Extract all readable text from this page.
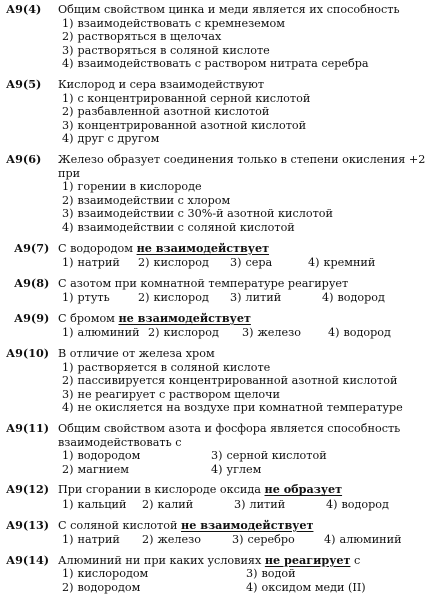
А9(4)	Общим свойством цинка и меди является их способность
1) взаимодействовать с кремнеземом
2) растворяться в щелочах
3) растворяться в соляной кислоте
4) взаимодействовать с раствором нитрата серебра
А9(5)	Кислород и сера взаимодействуют
1) с концентрированной серной кислотой
2) разбавленной азотной кислотой
3) концентрированной азотной кислотой
4) друг с другом
А9(6)	Железо образует соединения только в степени окисления +2 при
1) горении в кислороде
2) взаимодействии с хлором
3) взаимодействии с 30%-й азотной кислотой
4) взаимодействии с соляной кислотой
А9(7) С водородом не взаимодействует
1) натрий 2) кислород 3) сера	4) кремний
А9(8) С азотом при комнатной температуре реагирует
1) ртуть	2) кислород 3) литий	4) водород
А9(9) С бромом не взаимодействует
1) алюминий 2) кислород 3) железо 4) водород
А9(10) В отличие от железа хром
1) растворяется в соляной кислоте
2) пассивируется концентрированной азотной кислотой
3) не реагирует с раствором щелочи
4) не окисляется на воздухе при комнатной температуре
А9(11) Общим свойством азота и фосфора является способность взаимодействовать с
1) водородом	3) серной кислотой
2) магнием	4) углем
А9(12) При сгорании в кислороде оксида не образует
1) кальций 2) калий	3) литий	4) водород
А9(13) С соляной кислотой не взаимодействует
1) натрий 2) железо	3) серебро	4) алюминий
А9(14) Алюминий ни при каких условиях не реагирует с
1) кислородом	3) водой
2) водородом	4) оксидом меди (II)
